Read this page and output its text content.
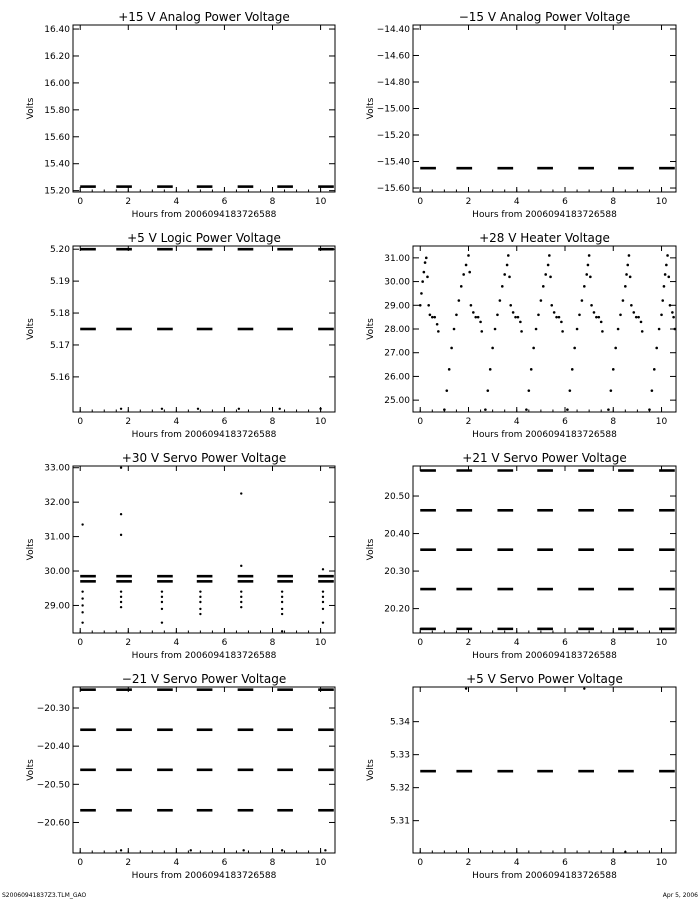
+15 V Analog Power Voltage
0	2	4	6	8	10
15.20
15.40
15.60
15.80
16.00
16.20
16.40
Hours from 2006094183726588
Volts
−15 V Analog Power Voltage
0	2	4	6	8	10
−15.60
−15.40
−15.20
−15.00
−14.80
−14.60
−14.40
Hours from 2006094183726588
Volts
+5 V Logic Power Voltage
0	2	4	6	8	10
5.16
5.17
5.18
5.19
5.20
Hours from 2006094183726588
Volts
+28 V Heater Voltage
0	2	4	6	8	10
25.00
26.00
27.00
28.00
29.00
30.00
31.00
Hours from 2006094183726588
Volts
+30 V Servo Power Voltage
0	2	4	6	8	10
29.00
30.00
31.00
32.00
33.00
Hours from 2006094183726588
Volts
+21 V Servo Power Voltage
0	2	4	6	8	10
20.20
20.30
20.40
20.50
Hours from 2006094183726588
Volts
−21 V Servo Power Voltage
0	2	4	6	8	10
−20.60
−20.50
−20.40
−20.30
Hours from 2006094183726588
Volts
+5 V Servo Power Voltage
0	2	4	6	8	10
5.31
5.32
5.33
5.34
Hours from 2006094183726588
Volts
S20060941837Z3.TLM_GAO	Apr 5, 2006
